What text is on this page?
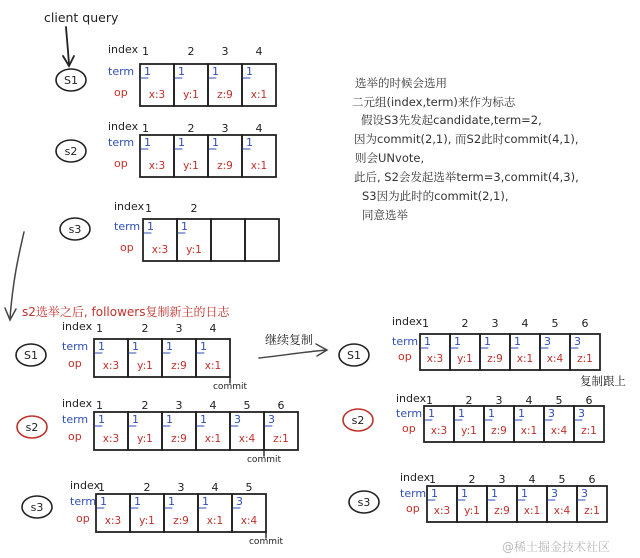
client query
选举的时候会选用
二元组(index,term)来作为标志
假设S3先发起candidate,term=2,
因为commit(2,1), 而S2此时commit(4,1),
则会UNvote,
此后, S2会发起选举term=3,commit(4,3),
S3因为此时的commit(2,1),
同意选举
s2选举之后, followers复制新主的日志
继续复制
复制跟上
@稀土掘金技术社区
S1
index
term
op
1
1
x:3
2
1
y:1
3
1
z:9
4
1
x:1
s2
index
term
op
1
1
x:3
2
1
y:1
3
1
z:9
4
1
x:1
s3
index
term
op
1
1
x:3
2
1
y:1
S1
index
term
op
1
1
x:3
2
1
y:1
3
1
z:9
4
1
x:1
commit
s2
index
term
op
1
1
x:3
2
1
y:1
3
1
z:9
4
1
x:1
5
3
x:4
6
3
z:1
commit
s3
index
term
op
1
1
x:3
2
1
y:1
3
1
z:9
4
1
x:1
5
3
x:4
commit
S1
index
term
op
1
1
x:3
2
1
y:1
3
1
z:9
4
1
x:1
5
3
x:4
6
3
z:1
s2
index
term
op
1
1
x:3
2
1
y:1
3
1
z:9
4
1
x:1
5
3
x:4
6
3
z:1
s3
index
term
op
1
1
x:3
2
1
y:1
3
1
z:9
4
1
x:1
5
3
x:4
6
3
z:1
